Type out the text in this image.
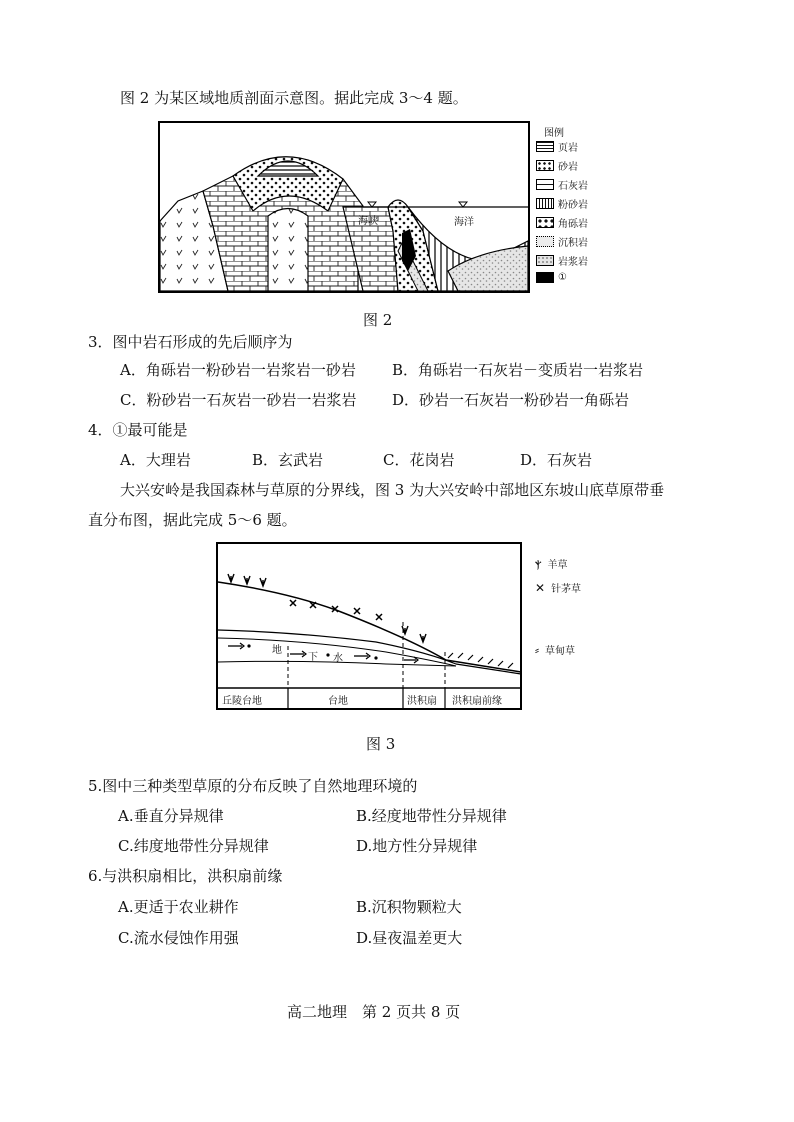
图 2 为某区域地质剖面示意图。据此完成 3～4 题。
海峡	海洋
图例
页岩
砂岩
石灰岩
粉砂岩
角砾岩
沉积岩
岩浆岩
①
图 2
3．图中岩石形成的先后顺序为
A．角砾岩一粉砂岩一岩浆岩一砂岩 B．角砾岩一石灰岩－变质岩一岩浆岩
C．粉砂岩一石灰岩一砂岩一岩浆岩 D．砂岩一石灰岩一粉砂岩一角砾岩
4．①最可能是
A．大理岩	B．玄武岩	C．花岗岩	D．石灰岩
大兴安岭是我国森林与草原的分界线，图 3 为大兴安岭中部地区东坡山底草原带垂
直分布图，据此完成 5～6 题。
地
下 水
丘陵台地	台地	洪积扇 洪积扇前缘
ⲯ 羊草
✕ 针茅草
⸗ 草甸草
图 3
5.图中三种类型草原的分布反映了自然地理环境的
A.垂直分异规律	B.经度地带性分异规律
C.纬度地带性分异规律	D.地方性分异规律
6.与洪积扇相比，洪积扇前缘
A.更适于农业耕作	B.沉积物颗粒大
C.流水侵蚀作用强	D.昼夜温差更大
高二地理　第 2 页共 8 页
